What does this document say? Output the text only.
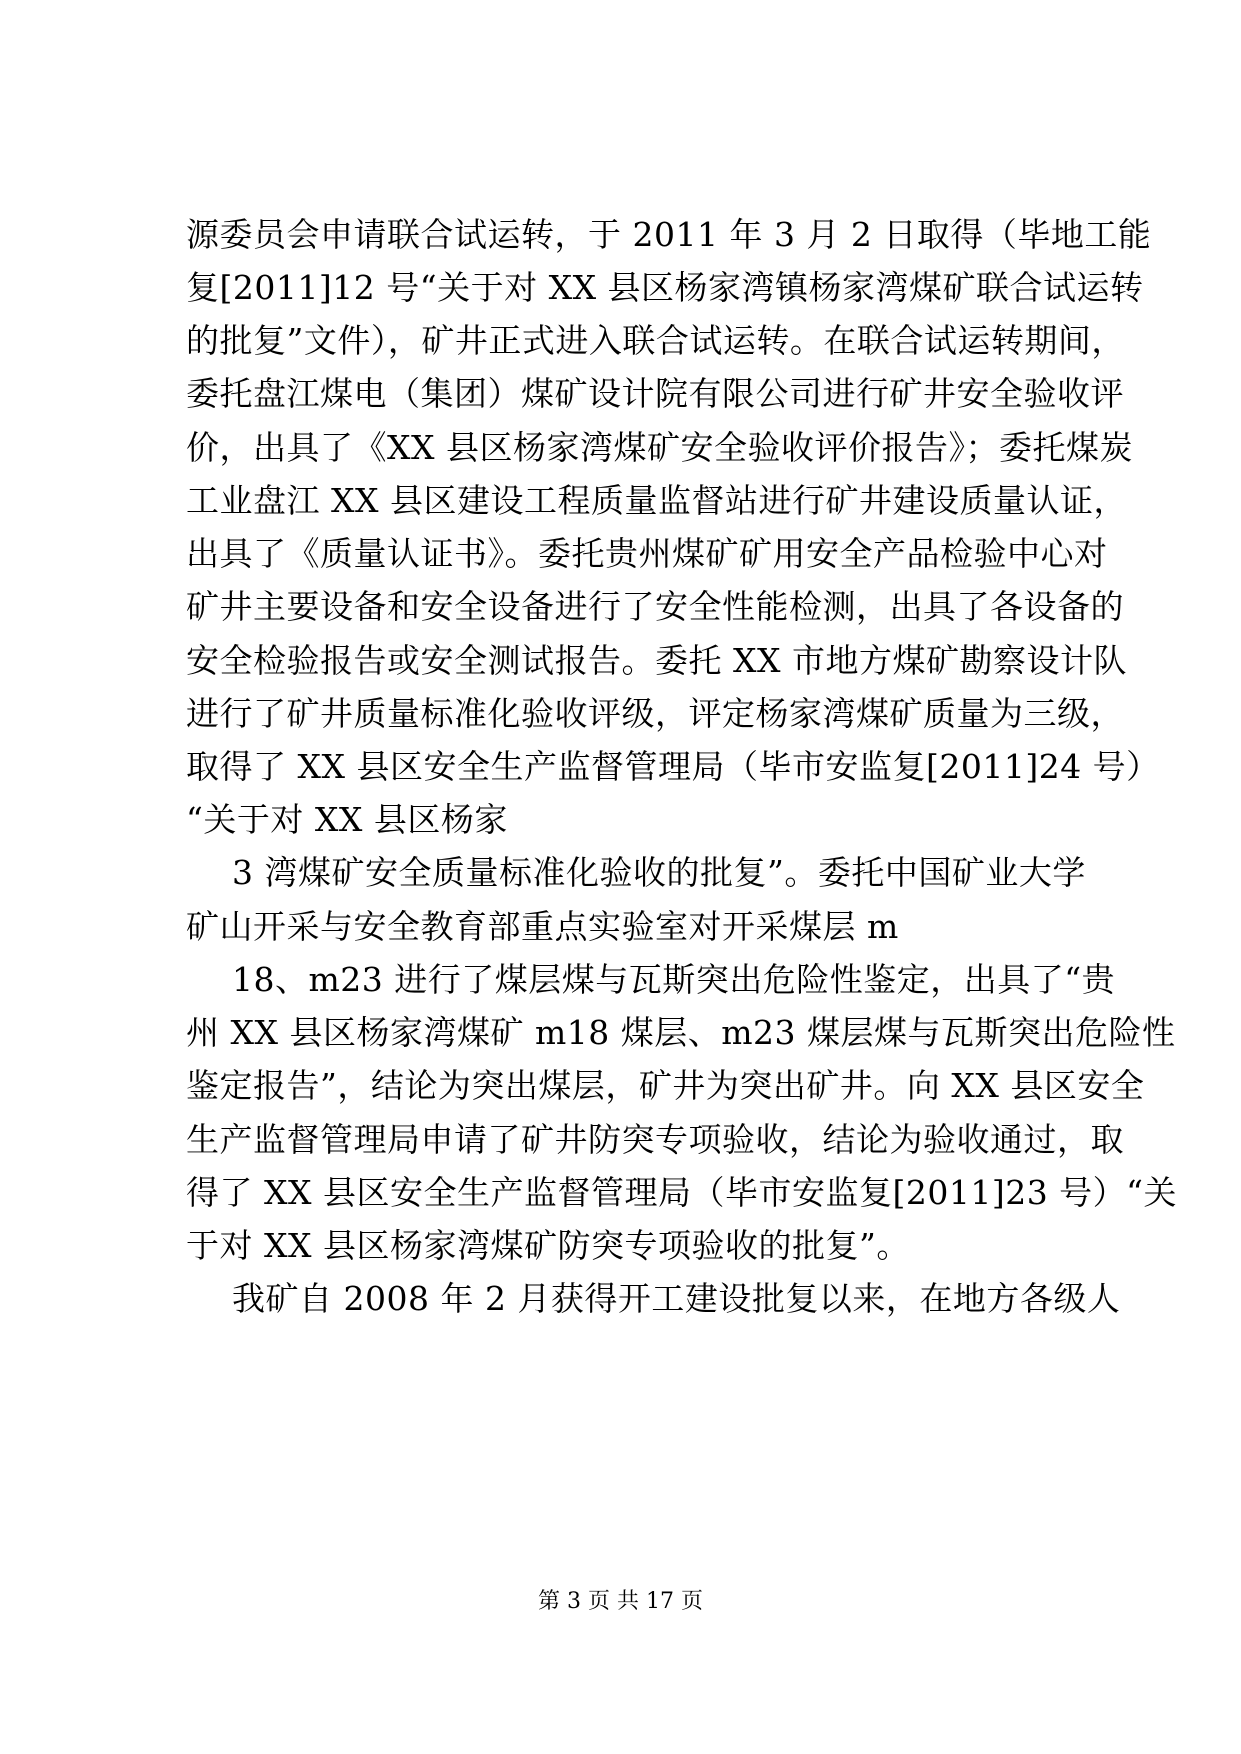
源委员会申请联合试运转，于 2011 年 3 月 2 日取得（毕地工能
复[2011]12 号“关于对 XX 县区杨家湾镇杨家湾煤矿联合试运转
的批复”文件），矿井正式进入联合试运转。在联合试运转期间，
委托盘江煤电（集团）煤矿设计院有限公司进行矿井安全验收评
价，出具了《XX 县区杨家湾煤矿安全验收评价报告》；委托煤炭
工业盘江 XX 县区建设工程质量监督站进行矿井建设质量认证，
出具了《质量认证书》。委托贵州煤矿矿用安全产品检验中心对
矿井主要设备和安全设备进行了安全性能检测，出具了各设备的
安全检验报告或安全测试报告。委托 XX 市地方煤矿勘察设计队
进行了矿井质量标准化验收评级，评定杨家湾煤矿质量为三级，
取得了 XX 县区安全生产监督管理局（毕市安监复[2011]24 号）
“关于对 XX 县区杨家
3 湾煤矿安全质量标准化验收的批复”。委托中国矿业大学
矿山开采与安全教育部重点实验室对开采煤层 m
18、m23 进行了煤层煤与瓦斯突出危险性鉴定，出具了“贵
州 XX 县区杨家湾煤矿 m18 煤层、m23 煤层煤与瓦斯突出危险性
鉴定报告”，结论为突出煤层，矿井为突出矿井。向 XX 县区安全
生产监督管理局申请了矿井防突专项验收，结论为验收通过，取
得了 XX 县区安全生产监督管理局（毕市安监复[2011]23 号）“关
于对 XX 县区杨家湾煤矿防突专项验收的批复”。
我矿自 2008 年 2 月获得开工建设批复以来，在地方各级人
第 3 页 共 17 页
